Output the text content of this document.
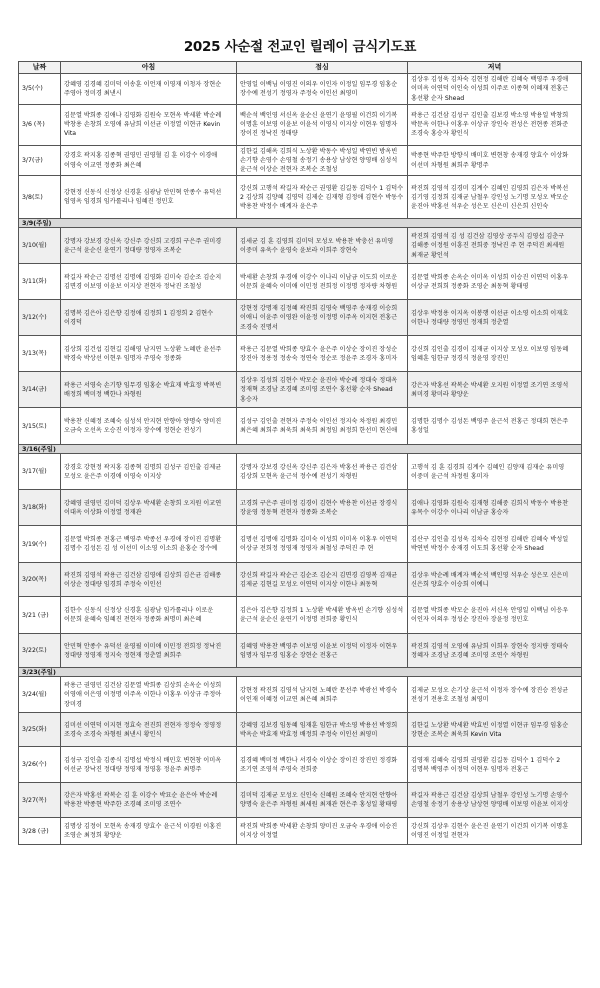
2025 사순절 전교인 릴레이 금식기도표
날짜	아침	점심	저녁
3/5(수)	강혜영 김경혜 김미덕 이송훈 이언재 이영재 이청자 장현순 주영아 정미경 최낸시	안영일 이백님 이영진 이의우 이인자 이정일 임무경 임홍순 장수예 전성기 정영자 주정숙 이인선 최영미	김상우 김성욱 김차숙 김현정 김해란 김혜숙 백영주 우경애 이미옥 이연덕 이인숙 이성희 이주로 이종혁 이혜재 전홍근 홍선황 순자 Shead
3/6 (목)	김문열 박희종 김애나 김영화 김원숙 모현옥 박세환 박순례 박창용 손창희 오영애 유남희 이선균 이정열 이현규 Kevin Vita	백순석 백인영 서신옥 윤순신 윤연기 윤영필 이건희 이기복 이명훈 이보영 이윤보 이윤석 이영식 이지상 이현우 임명자 장이진 정낙진 정태량	곽용근 김건삼 김성구 김인출 김보경 박소영 박용일 박창희 박문옥 이한나 이홍우 이상규 장인숙 전성은 전현종 전화준 조경숙 홍승자 황인식
3/7(금)	강경호 곽지홍 김종혁 권영민 권영혈 김 훈 이강수 이경애 이영숙 이교연 정종화 최은혜	김한길 김해옥 김희식 노상환 박동수 박성일 박연빈 방옥빈 손기향 손영수 손영철 송정기 송용상 남상현 양영배 심성석 윤근석 이상순 전현자 조복순 조철성	박종현 박주한 방향식 배미호 변현창 송재경 양효수 이상화 이선미 차형원 최희주 황명주
3/8(토)	강현정 신동식 신정상 신경훈 심광남 안민혁 안종수 유덕선 임영옥 임경희 임카롤리나 임혜진 정민호	강신희 고행석 곽길자 곽순근 권영환 김길동 김덕수 1 김덕수 2 김상희 김양혜 김영덕 김제순 김재형 김정애 김현수 박동수 박용찬 박정수 배계자 윤은주	곽진희 김영석 김경미 김계수 김혜인 김영희 김은자 박복선 김기영 김정희 김재균 남철우 강인성 노기명 모성오 박모순 윤진아 박홍선 석우순 성은모 신은미 신은희 신인숙
3/9(주일)			
3/10(월)	강명자 강보경 강신옥 강신주 강신희 고경희 구은주 권미경 윤근석 윤순신 윤연기 정대량 정영자 조복순	김세균 김 훈 김영희 김미덕 모성오 박용찬 박충선 유미영 이중미 유욱수 윤영숙 윤보라 이희주 장현숙	곽진희 김영석 김 성 김건삼 김영상 공두식 김영섭 김춘구 김해종 이정원 이흥진 전희중 정낙진 주 현 주덕진 최세원 최재균 황인석
3/11(화)	곽길자 곽순근 김명선 김명애 김영화 김미숙 김순조 김순지 김면경 이보영 이윤보 이지상 전현자 정낙진 조철성	박세환 손창희 우경애 이강수 이나리 이남금 이도희 이로운 이문희 윤혜숙 이미애 이민정 전희정 이정명 정자량 차형원	김문열 박희종 손옥순 이미옥 이성희 이승진 이연덕 이홍우 이상규 전희희 정종화 조영순 최동혁 황태평
3/12(수)	김명복 김은아 김은향 김정애 김정희 1 김정희 2 김현수 이경덕	강현정 강명재 김정혜 곽진희 김영숙 백영주 송재경 이승희 이애니 이윤주 이영완 이윤정 이정명 이주옥 이지현 전홍근 조경숙 진명서	김상우 박정용 이지옥 이봉행 이선균 이소영 이소희 이재호 이한나 정대량 정영민 정재희 정춘열
3/13(목)	김상희 김건섭 김현길 김해영 남지연 노상환 노혜란 윤선주 박경숙 박상선 이현우 임명자 주영숙 정종화	곽용근 김문열 박희종 양효수 윤은주 이상순 장이진 장성순 장진아 정용정 정송숙 정연숙 정순로 정윤주 조경자 홍미자	강신희 김인출 김경이 김재균 이지상 모성오 이보영 임동혜 임혜훈 임한규 정경식 정윤영 장진민
3/14(금)	곽용근 서영숙 손기향 임무경 임홍순 박효재 박효정 박복빈 배정희 백미정 백한나 차형원	김상우 김성희 김현수 박모순 윤진아 박순례 정대숙 정대옥 정재혁 조경남 조경혜 조미영 조연수 홍선황 순자 Shead 홍승자	강은자 박홍선 곽복순 박세환 오지원 이정열 조기연 조영석 최미경 황미라 황양운
3/15(토)	박용찬 신혜정 조혜숙 심성석 안지현 안향아 양명숙 양미진 오금숙 오선옥 오승진 이정자 장수예 정현순 전성기	김성구 김인출 전현자 주정숙 이인선 정지숙 차정원 최경민 최은혜 최희주 최욱희 최욱희 최정임 최정희 한선미 현신애	김명한 김명수 김성돈 백영주 윤근석 전홍근 정대희 현은주 홍성일
3/16(주일)			
3/17(월)	강경호 강현정 곽지홍 김종혁 김명희 김성구 김인출 김제균 모성오 윤은주 이경애 이영숙 이지상	강명자 강보경 강신옥 강신주 김은자 박홍선 곽용근 김건삼 김상희 모현옥 윤근석 정수예 전성기 차형원	고행석 김 훈 김경희 김계수 김혜인 김양재 김재순 유미영 이중미 윤근석 차정원 홍미자
3/18(화)	강혜영 권영민 김미덕 김상우 박세환 손창희 오지원 이교연 이대옥 이상화 이정열 정재관	고경희 구은주 권미정 김경이 김현수 박용찬 이선균 장경식 장윤영 정동혁 전현자 정종화 조복순	김애나 김영화 김원숙 김재형 김해중 김희식 박동수 박용찬 유목수 이강수 이나리 이남금 홍승자
3/19(수)	김문열 박희종 전홍근 백영주 박종선 우경애 장이진 김명환 김명수 김성돈 김 성 이선미 이소영 이소희 윤홍순 장수예	김명선 김명애 김명화 김미숙 이성희 이미옥 이홍우 이연덕 이상규 전희정 정영재 정영자 최철성 주덕진 주 현	김산구 김인출 김성욱 김차숙 김현정 김해란 김혜숙 박성일 박연빈 박정수 송재경 이도희 홍선황 순자 Shead
3/20(목)	곽진희 김영석 곽용근 김건삼 김영애 김상희 김은균 김해종 이상순 정대량 임경희 주정숙 이인선	강신희 곽길자 곽순근 김순조 김순지 김면경 김영복 김재균 김제균 김현길 모성오 이연덕 이지상 이한나 최동혁	김상우 박순례 배계자 백순석 백인영 석우순 성은모 신은미 신은희 양효수 이승희 이예니
3/21 (금)	김한수 신동식 신정상 신경훈 심광남 임카롤리나 이로운 이문희 윤혜숙 임혜진 전현자 정종화 최명미 최은혜	김은아 김은향 김정희 1 노상환 박세환 방옥빈 손기향 심성석 윤근석 윤순신 윤연기 이정명 전희중 황인식	김문열 박희종 박모순 윤진아 서신옥 안영일 이백님 이응우 이인자 이의우 정성순 장진아 장윤정 정민호
3/22(토)	안민혁 안종수 유덕선 윤영필 이미애 이민정 전희정 정낙진 정대량 정영재 정지숙 정현재 정춘열 최희주	김혜영 박용찬 백영주 이보영 이윤보 이정덕 이정자 이현우 임명자 임무경 임홍순 장현순 전홍근	곽진희 김영석 오영애 유남희 이희우 장현숙 정지량 정태숙 정혜자 조경남 조경혜 조미영 조연수 차형원
3/23(주일)			
3/24(월)	곽용근 권영민 김건삼 김문열 박희종 김상희 손옥순 이성희 이영애 이은영 이정명 이주옥 이한나 이홍우 이상규 주정아 장미경	강현정 곽진희 김영석 남지현 노혜란 문선주 박광선 박경숙 이인재 이혜정 이교연 최은혜 최희주	김제균 모성오 손기상 윤근석 이정자 장수예 장진승 전성균 전성기 전용호 조철성 최영미
3/25(화)	김미선 이연덕 이지현 정효숙 전진희 전현자 정정숙 정영정 조경숙 조경숙 차형원 최낸시 황인식	강혜영 김보경 임동혜 임재훈 임한규 박소영 박용선 박정희 박옥순 박효재 박효정 배정희 주정숙 이인선 최영미	김한길 노상환 박세환 박효빈 이정열 이현규 임무경 임홍순 장현순 조복순 최욱희 Kevin Vita
3/26(수)	김성구 김인출 김종식 김명섭 박정식 배민호 변현창 이미옥 이선균 장낙진 정대량 정영재 정영흥 정윤주 최명주	김경혜 백미정 백한나 서경숙 이상순 장이진 장진민 정경화 조기연 조영석 주영숙 전희중	김영재 김혜숙 김영희 권영환 김길동 김덕수 1 김덕수 2 김명복 백영주 이정덕 이현우 임명자 전홍근
3/27(목)	강은자 박홍선 곽복순 김 훈 이강수 박묘순 윤은아 박순례 박용찬 박종현 박주한 조경혜 조미영 조연수	김미덕 김제균 모성오 신인숙 신혜원 조혜숙 안지현 안향아 양명숙 윤은주 차형원 최세원 최재관 현은주 홍성일 황태평	곽길자 곽용근 김건삼 김상희 남철우 강인성 노기명 손영수 손영철 송정기 송용상 남상현 양영배 이보영 이윤보 이지상
3/28 (금)	김명상 김정이 모현옥 송재경 양효수 윤근석 이경원 이홍진 조영순 최정희 황양운	곽진희 박희종 박세환 손창희 양미진 오금숙 우경애 이승진 이지상 이정열	강신희 김상우 김현수 윤은진 윤연기 이건희 이기복 이명훈 이영진 이정일 전현자
